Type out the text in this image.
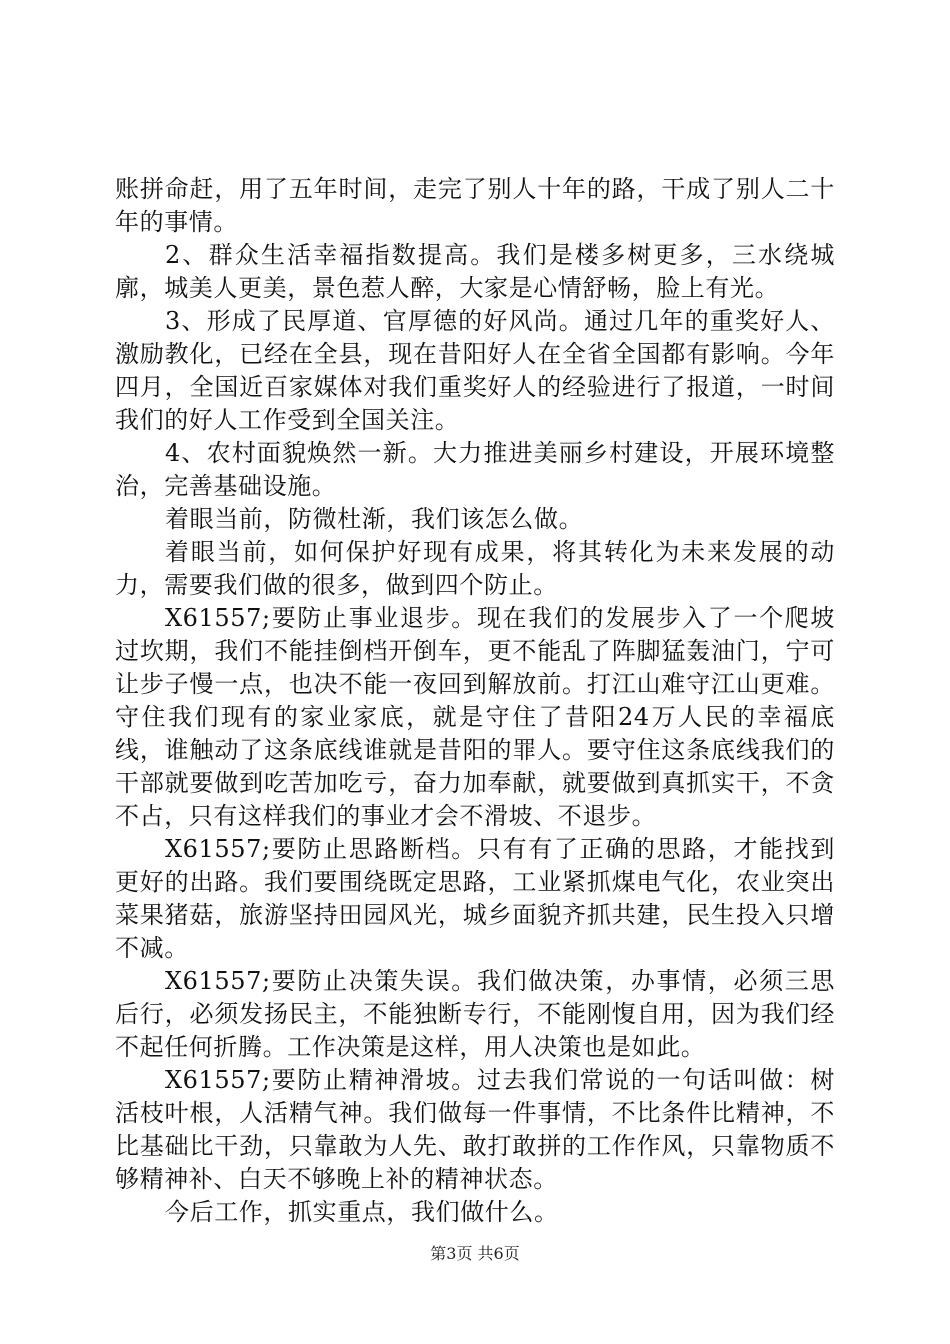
账拼命赶，用了五年时间，走完了别人十年的路，干成了别人二十年的事情。

2、群众生活幸福指数提高。我们是楼多树更多，三水绕城廓，城美人更美，景色惹人醉，大家是心情舒畅，脸上有光。

3、形成了民厚道、官厚德的好风尚。通过几年的重奖好人、激励教化，已经在全县，现在昔阳好人在全省全国都有影响。今年四月，全国近百家媒体对我们重奖好人的经验进行了报道，一时间我们的好人工作受到全国关注。

4、农村面貌焕然一新。大力推进美丽乡村建设，开展环境整治，完善基础设施。

着眼当前，防微杜渐，我们该怎么做。

着眼当前，如何保护好现有成果，将其转化为未来发展的动力，需要我们做的很多，做到四个防止。

X61557;要防止事业退步。现在我们的发展步入了一个爬坡过坎期，我们不能挂倒档开倒车，更不能乱了阵脚猛轰油门，宁可让步子慢一点，也决不能一夜回到解放前。打江山难守江山更难。守住我们现有的家业家底，就是守住了昔阳24万人民的幸福底线，谁触动了这条底线谁就是昔阳的罪人。要守住这条底线我们的干部就要做到吃苦加吃亏，奋力加奉献，就要做到真抓实干，不贪不占，只有这样我们的事业才会不滑坡、不退步。

X61557;要防止思路断档。只有有了正确的思路，才能找到更好的出路。我们要围绕既定思路，工业紧抓煤电气化，农业突出菜果猪菇，旅游坚持田园风光，城乡面貌齐抓共建，民生投入只增不减。

X61557;要防止决策失误。我们做决策，办事情，必须三思后行，必须发扬民主，不能独断专行，不能刚愎自用，因为我们经不起任何折腾。工作决策是这样，用人决策也是如此。

X61557;要防止精神滑坡。过去我们常说的一句话叫做：树活枝叶根，人活精气神。我们做每一件事情，不比条件比精神，不比基础比干劲，只靠敢为人先、敢打敢拼的工作作风，只靠物质不够精神补、白天不够晚上补的精神状态。

今后工作，抓实重点，我们做什么。

第3页 共6页
